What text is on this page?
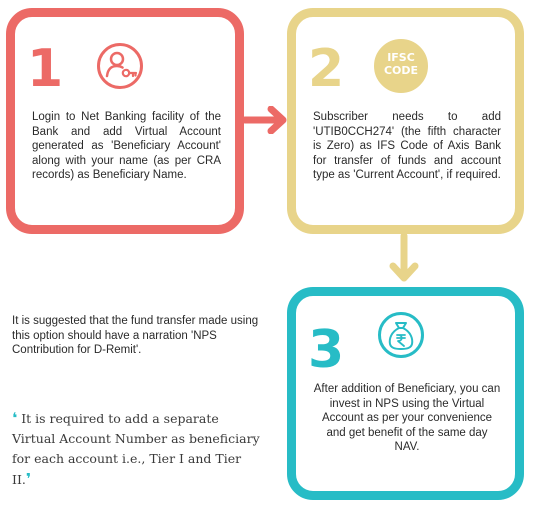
1
Login to Net Banking facility of the Bank and add Virtual Account generated as 'Beneficiary Account' along with your name (as per CRA records) as Beneficiary Name.
2	IFSC
CODE
Subscriber needs to add 'UTIB0CCH274' (the fifth character is Zero) as IFS Code of Axis Bank for transfer of funds and account type as 'Current Account', if required.
3
After addition of Beneficiary, you can invest in NPS using the Virtual Account as per your convenience and get benefit of the same day NAV.
It is suggested that the fund transfer made using this option should have a narration 'NPS Contribution for D-Remit'.
❛ It is required to add a separate Virtual Account Number as beneficiary for each account i.e., Tier I and Tier II.❜
